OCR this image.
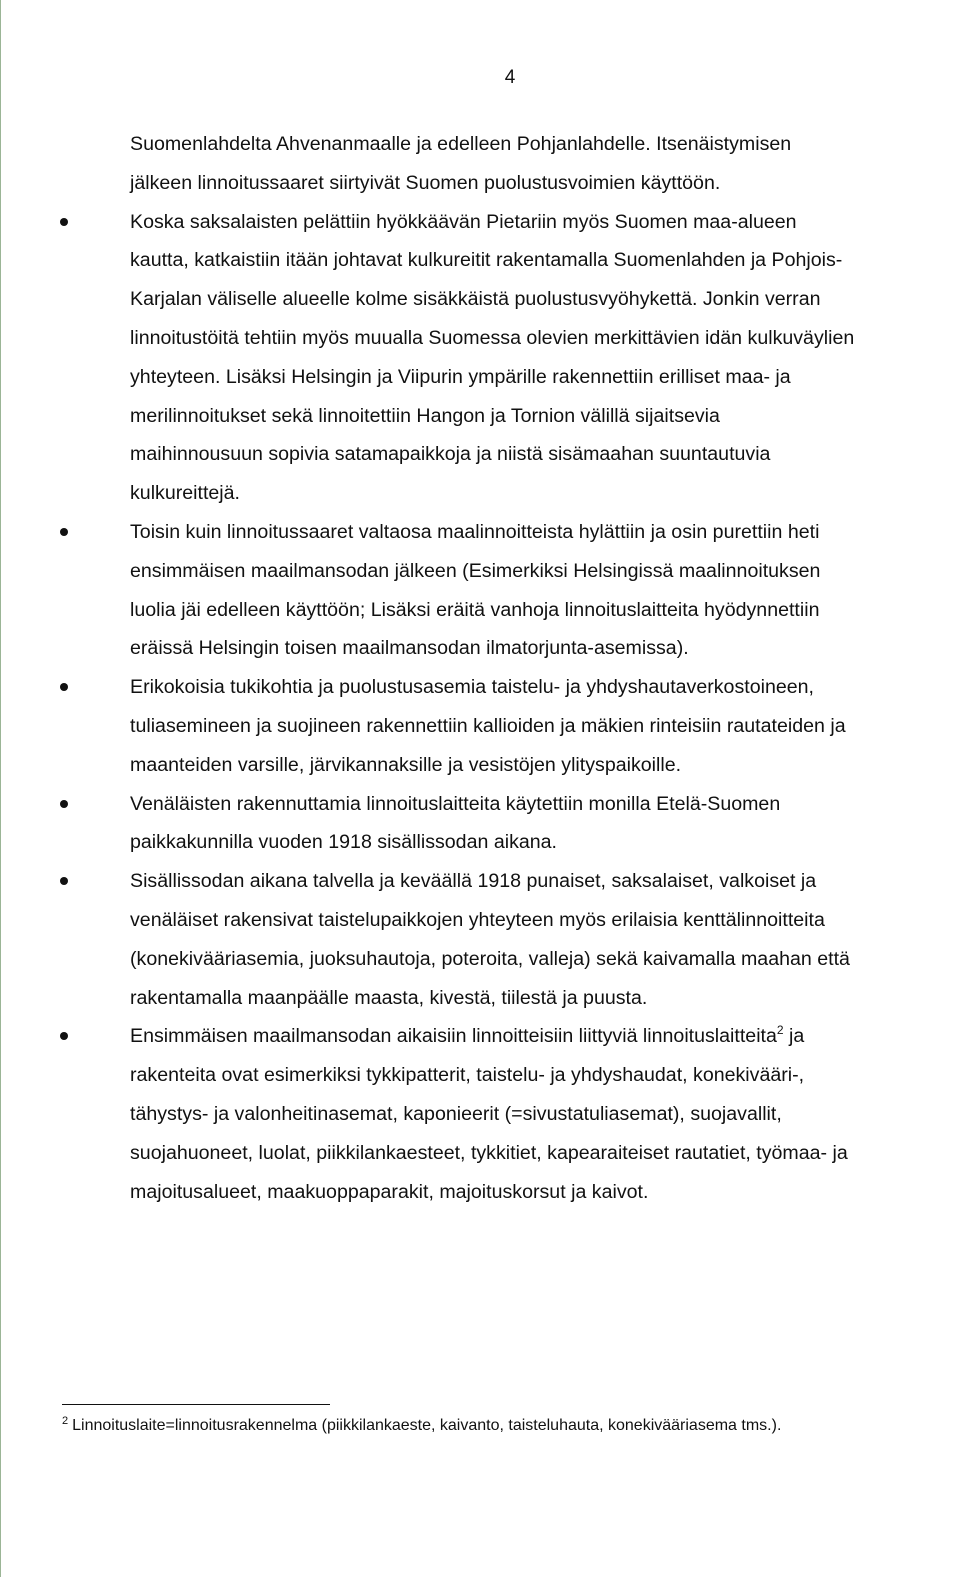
4

Suomenlahdelta Ahvenanmaalle ja edelleen Pohjanlahdelle. Itsenäistymisen
jälkeen linnoitussaaret siirtyivät Suomen puolustusvoimien käyttöön.

Koska saksalaisten pelättiin hyökkäävän Pietariin myös Suomen maa-alueen
kautta, katkaistiin itään johtavat kulkureitit rakentamalla Suomenlahden ja Pohjois-
Karjalan väliselle alueelle kolme sisäkkäistä puolustusvyöhykettä. Jonkin verran
linnoitustöitä tehtiin myös muualla Suomessa olevien merkittävien idän kulkuväylien
yhteyteen. Lisäksi Helsingin ja Viipurin ympärille rakennettiin erilliset maa- ja
merilinnoitukset sekä linnoitettiin Hangon ja Tornion välillä sijaitsevia
maihinnousuun sopivia satamapaikkoja ja niistä sisämaahan suuntautuvia
kulkureittejä.
Toisin kuin linnoitussaaret valtaosa maalinnoitteista hylättiin ja osin purettiin heti
ensimmäisen maailmansodan jälkeen (Esimerkiksi Helsingissä maalinnoituksen
luolia jäi edelleen käyttöön; Lisäksi eräitä vanhoja linnoituslaitteita hyödynnettiin
eräissä Helsingin toisen maailmansodan ilmatorjunta-asemissa).
Erikokoisia tukikohtia ja puolustusasemia taistelu- ja yhdyshautaverkostoineen,
tuliasemineen ja suojineen rakennettiin kallioiden ja mäkien rinteisiin rautateiden ja
maanteiden varsille, järvikannaksille ja vesistöjen ylityspaikoille.
Venäläisten rakennuttamia linnoituslaitteita käytettiin monilla Etelä-Suomen
paikkakunnilla vuoden 1918 sisällissodan aikana.
Sisällissodan aikana talvella ja keväällä 1918 punaiset, saksalaiset, valkoiset ja
venäläiset rakensivat taistelupaikkojen yhteyteen myös erilaisia kenttälinnoitteita
(konekivääriasemia, juoksuhautoja, poteroita, valleja) sekä kaivamalla maahan että
rakentamalla maanpäälle maasta, kivestä, tiilestä ja puusta.
Ensimmäisen maailmansodan aikaisiin linnoitteisiin liittyviä linnoituslaitteita$^2$ ja
rakenteita ovat esimerkiksi tykkipatterit, taistelu- ja yhdyshaudat, konekivääri-,
tähystys- ja valonheitinasemat, kaponieerit (=sivustatuliasemat), suojavallit,
suojahuoneet, luolat, piikkilankaesteet, tykkitiet, kapearaiteiset rautatiet, työmaa- ja
majoitusalueet, maakuoppaparakit, majoituskorsut ja kaivot.
$^2$ Linnoituslaite=linnoitusrakennelma (piikkilankaeste, kaivanto, taisteluhauta, konekivääriasema tms.).
